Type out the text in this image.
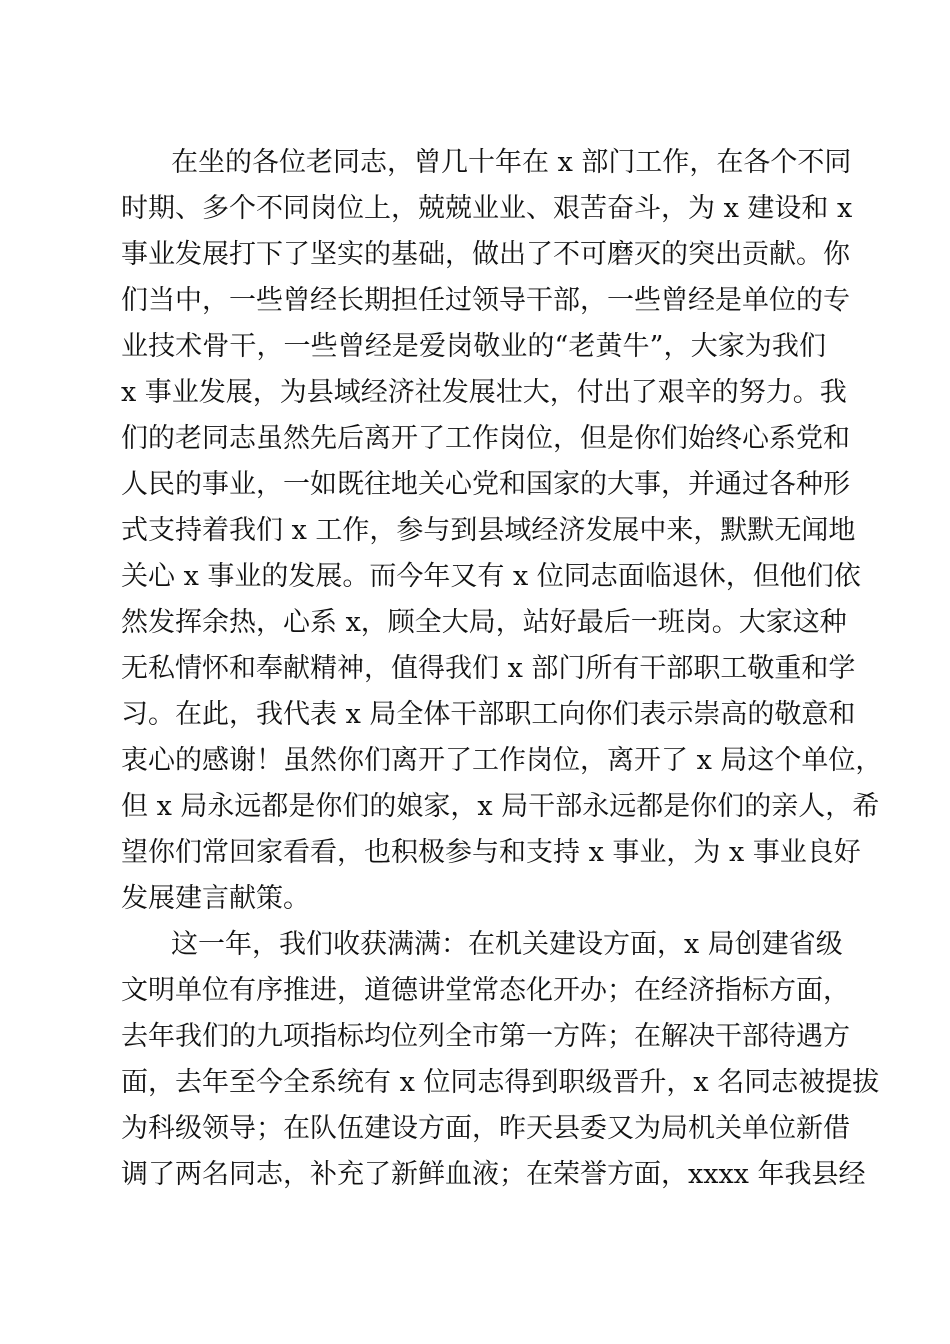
在坐的各位老同志，曾几十年在 x 部门工作，在各个不同
时期、多个不同岗位上，兢兢业业、艰苦奋斗，为 x 建设和 x
事业发展打下了坚实的基础，做出了不可磨灭的突出贡献。你
们当中，一些曾经长期担任过领导干部，一些曾经是单位的专
业技术骨干，一些曾经是爱岗敬业的“老黄牛”，大家为我们
x 事业发展，为县域经济社发展壮大，付出了艰辛的努力。我
们的老同志虽然先后离开了工作岗位，但是你们始终心系党和
人民的事业，一如既往地关心党和国家的大事，并通过各种形
式支持着我们 x 工作，参与到县域经济发展中来，默默无闻地
关心 x 事业的发展。而今年又有 x 位同志面临退休，但他们依
然发挥余热，心系 x，顾全大局，站好最后一班岗。大家这种
无私情怀和奉献精神，值得我们 x 部门所有干部职工敬重和学
习。在此，我代表 x 局全体干部职工向你们表示崇高的敬意和
衷心的感谢！虽然你们离开了工作岗位，离开了 x 局这个单位，
但 x 局永远都是你们的娘家，x 局干部永远都是你们的亲人，希
望你们常回家看看，也积极参与和支持 x 事业，为 x 事业良好
发展建言献策。
这一年，我们收获满满：在机关建设方面，x 局创建省级
文明单位有序推进，道德讲堂常态化开办；在经济指标方面，
去年我们的九项指标均位列全市第一方阵；在解决干部待遇方
面，去年至今全系统有 x 位同志得到职级晋升，x 名同志被提拔
为科级领导；在队伍建设方面，昨天县委又为局机关单位新借
调了两名同志，补充了新鲜血液；在荣誉方面，xxxx 年我县经
